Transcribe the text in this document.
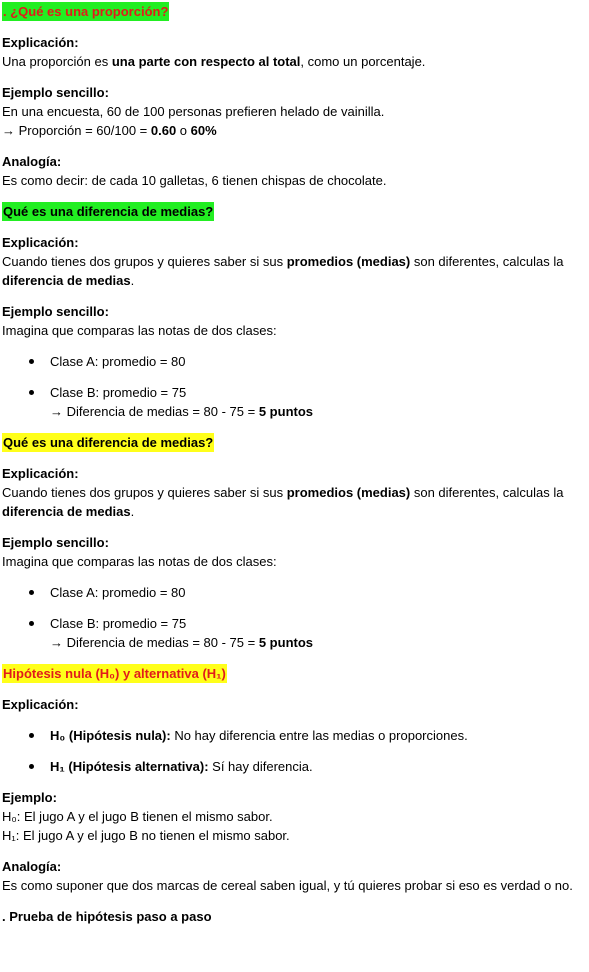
. ¿Qué es una proporción?
Explicación:
Una proporción es una parte con respecto al total, como un porcentaje.
Ejemplo sencillo:
En una encuesta, 60 de 100 personas prefieren helado de vainilla.
→ Proporción = 60/100 = 0.60 o 60%
Analogía:
Es como decir: de cada 10 galletas, 6 tienen chispas de chocolate.
Qué es una diferencia de medias?
Explicación:
Cuando tienes dos grupos y quieres saber si sus promedios (medias) son diferentes, calculas la
diferencia de medias.
Ejemplo sencillo:
Imagina que comparas las notas de dos clases:
Clase A: promedio = 80
Clase B: promedio = 75
→ Diferencia de medias = 80 - 75 = 5 puntos
Qué es una diferencia de medias?
Explicación:
Cuando tienes dos grupos y quieres saber si sus promedios (medias) son diferentes, calculas la
diferencia de medias.
Ejemplo sencillo:
Imagina que comparas las notas de dos clases:
Clase A: promedio = 80
Clase B: promedio = 75
→ Diferencia de medias = 80 - 75 = 5 puntos
Hipótesis nula (H₀) y alternativa (H₁)
Explicación:
H₀ (Hipótesis nula): No hay diferencia entre las medias o proporciones.
H₁ (Hipótesis alternativa): Sí hay diferencia.
Ejemplo:
H₀: El jugo A y el jugo B tienen el mismo sabor.
H₁: El jugo A y el jugo B no tienen el mismo sabor.
Analogía:
Es como suponer que dos marcas de cereal saben igual, y tú quieres probar si eso es verdad o no.
. Prueba de hipótesis paso a paso
